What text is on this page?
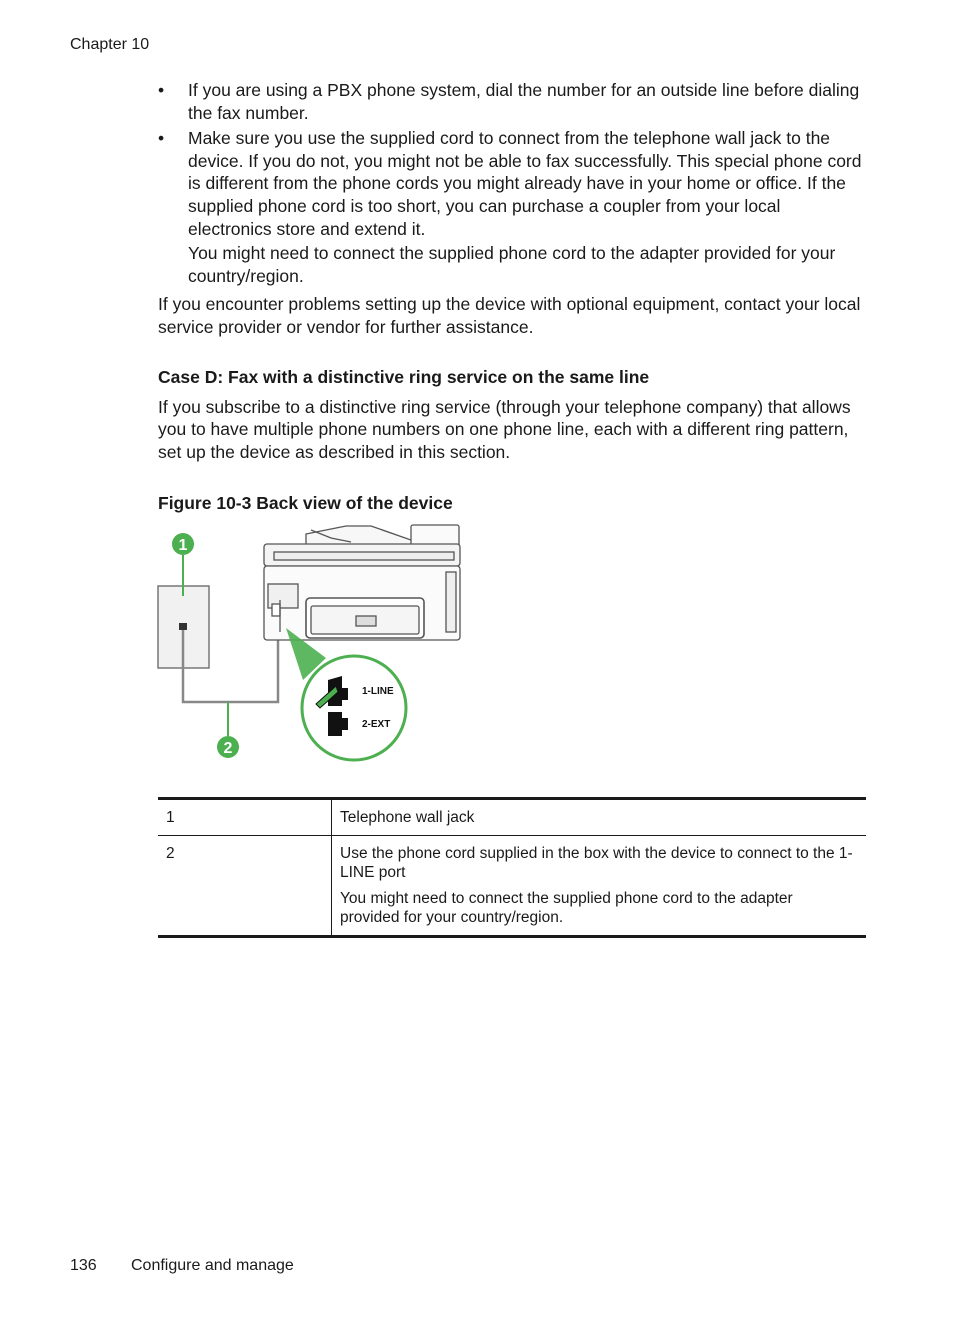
Chapter 10
• If you are using a PBX phone system, dial the number for an outside line before dialing the fax number.

• Make sure you use the supplied cord to connect from the telephone wall jack to the device. If you do not, you might not be able to fax successfully. This special phone cord is different from the phone cords you might already have in your home or office. If the supplied phone cord is too short, you can purchase a coupler from your local electronics store and extend it.

You might need to connect the supplied phone cord to the adapter provided for your country/region.

If you encounter problems setting up the device with optional equipment, contact your local service provider or vendor for further assistance.

Case D: Fax with a distinctive ring service on the same line

If you subscribe to a distinctive ring service (through your telephone company) that allows you to have multiple phone numbers on one phone line, each with a different ring pattern, set up the device as described in this section.

Figure 10-3 Back view of the device

1
2
1-LINE
2-EXT
1	Telephone wall jack

2	Use the phone cord supplied in the box with the device to connect to the 1-LINE port

You might need to connect the supplied phone cord to the adapter provided for your country/region.

136 Configure and manage
